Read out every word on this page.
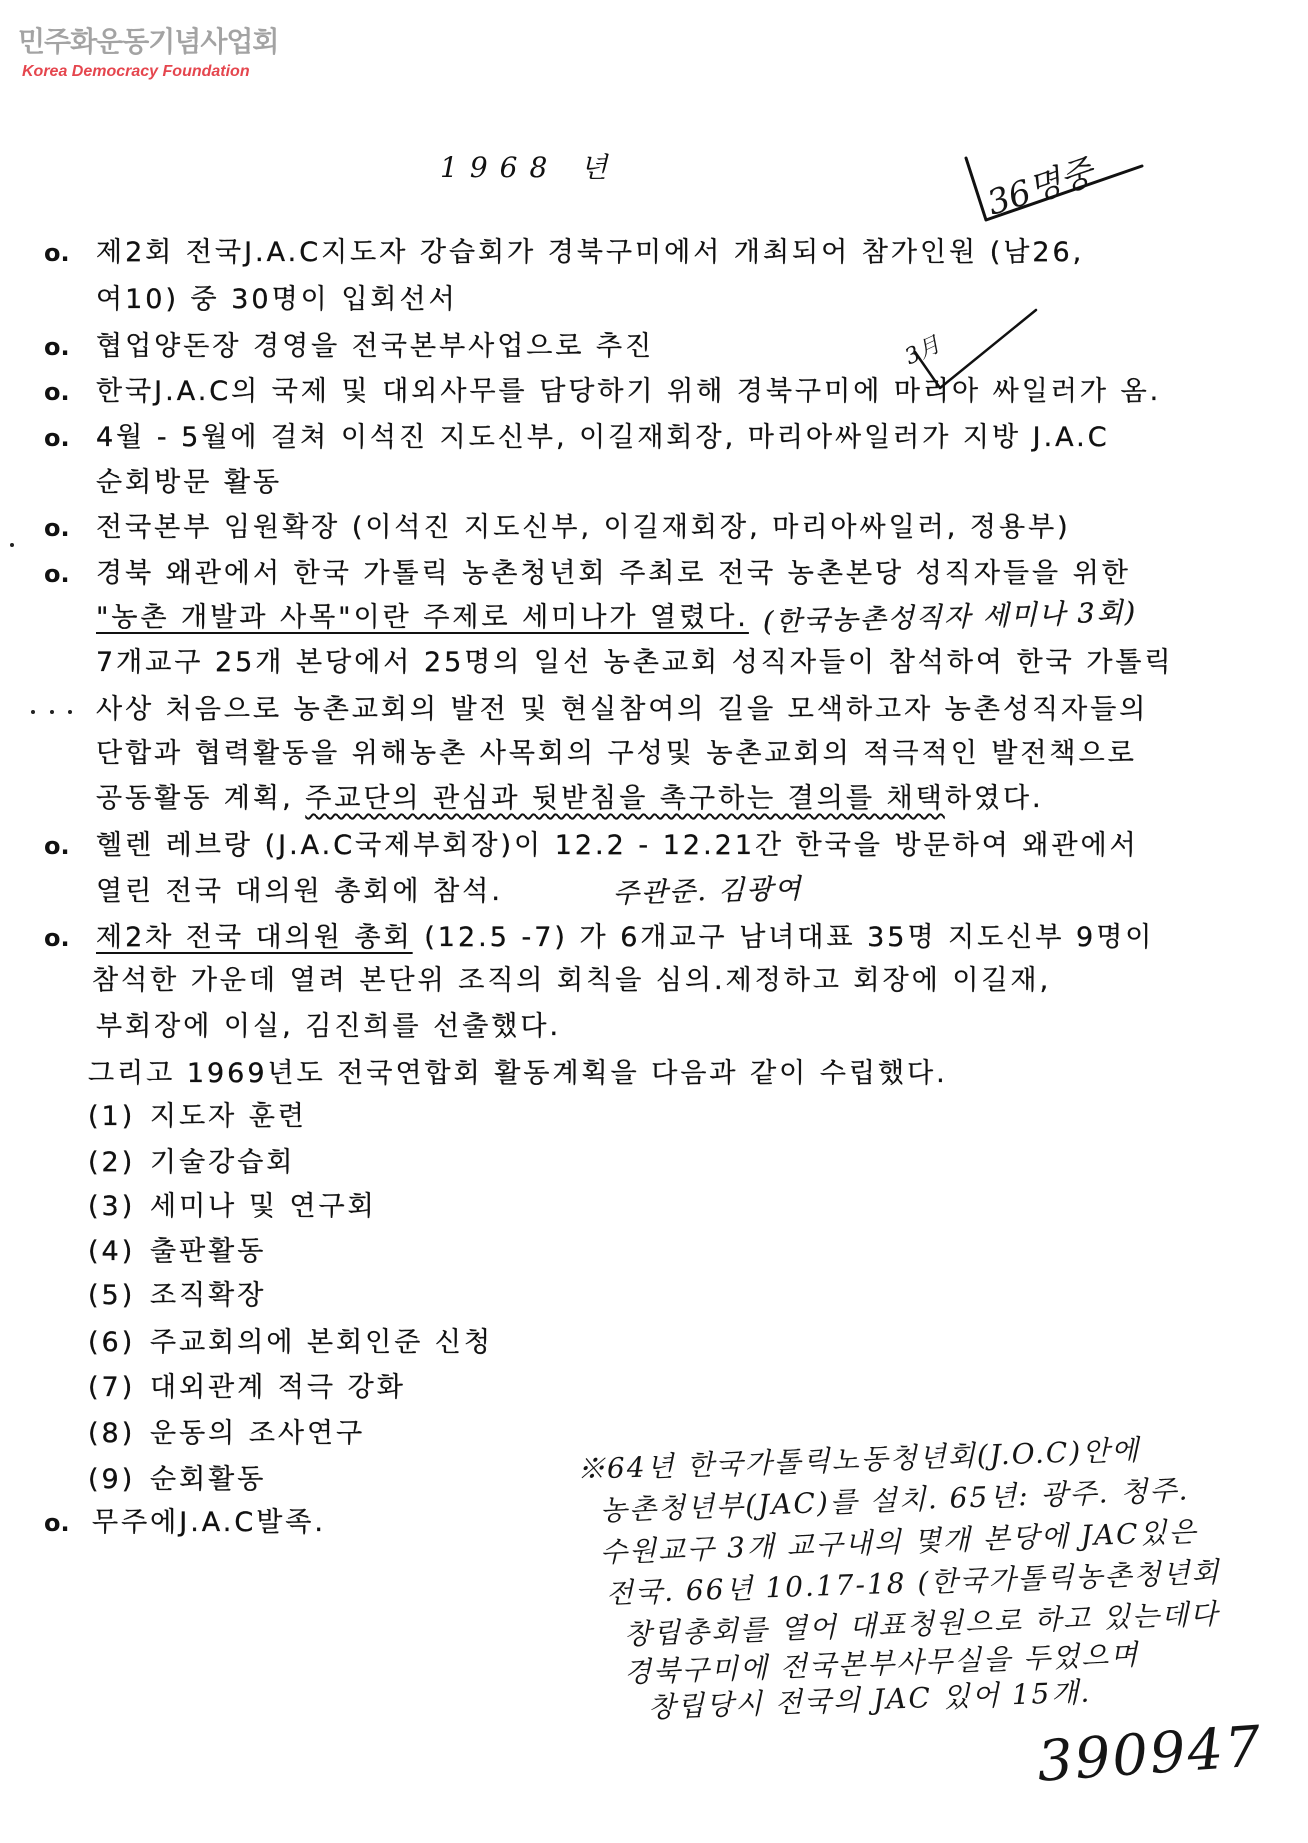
민주화운동기념사업회
Korea Democracy Foundation
1968 년	36명중
3月
o. 제2회 전국J.A.C지도자 강습회가 경북구미에서 개최되어 참가인원 (남26,
여10) 중 30명이 입회선서
o. 협업양돈장 경영을 전국본부사업으로 추진
o. 한국J.A.C의 국제 및 대외사무를 담당하기 위해 경북구미에 마리아 싸일러가 옴.
o. 4월 - 5월에 걸쳐 이석진 지도신부, 이길재회장, 마리아싸일러가 지방 J.A.C
순회방문 활동
o. 전국본부 임원확장 (이석진 지도신부, 이길재회장, 마리아싸일러, 정용부)
o. 경북 왜관에서 한국 가톨릭 농촌청년회 주최로 전국 농촌본당 성직자들을 위한
"농촌 개발과 사목"이란 주제로 세미나가 열렸다. (한국농촌성직자 세미나 3회)
7개교구 25개 본당에서 25명의 일선 농촌교회 성직자들이 참석하여 한국 가톨릭
사상 처음으로 농촌교회의 발전 및 현실참여의 길을 모색하고자 농촌성직자들의
단합과 협력활동을 위해농촌 사목회의 구성및 농촌교회의 적극적인 발전책으로
공동활동 계획, 주교단의 관심과 뒷받침을 촉구하는 결의를 채택하였다.
o. 헬렌 레브랑 (J.A.C국제부회장)이 12.2 - 12.21간 한국을 방문하여 왜관에서
열린 전국 대의원 총회에 참석.	주관준. 김광여
o. 제2차 전국 대의원 총회 (12.5 -7) 가 6개교구 남녀대표 35명 지도신부 9명이
참석한 가운데 열려 본단위 조직의 회칙을 심의.제정하고 회장에 이길재,
부회장에 이실, 김진희를 선출했다.
그리고 1969년도 전국연합회 활동계획을 다음과 같이 수립했다.
(1) 지도자 훈련
(2) 기술강습회
(3) 세미나 및 연구회
(4) 출판활동
(5) 조직확장
(6) 주교회의에 본회인준 신청
(7) 대외관계 적극 강화
(8) 운동의 조사연구
(9) 순회활동
o. 무주에J.A.C발족.
※64년 한국가톨릭노동청년회(J.O.C)안에
농촌청년부(JAC)를 설치. 65년: 광주. 청주.
수원교구 3개 교구내의 몇개 본당에 JAC있은
전국. 66년 10.17-18 (한국가톨릭농촌청년회
창립총회를 열어 대표청원으로 하고 있는데다
경북구미에 전국본부사무실을 두었으며
창립당시 전국의 JAC 있어 15개.
390947
